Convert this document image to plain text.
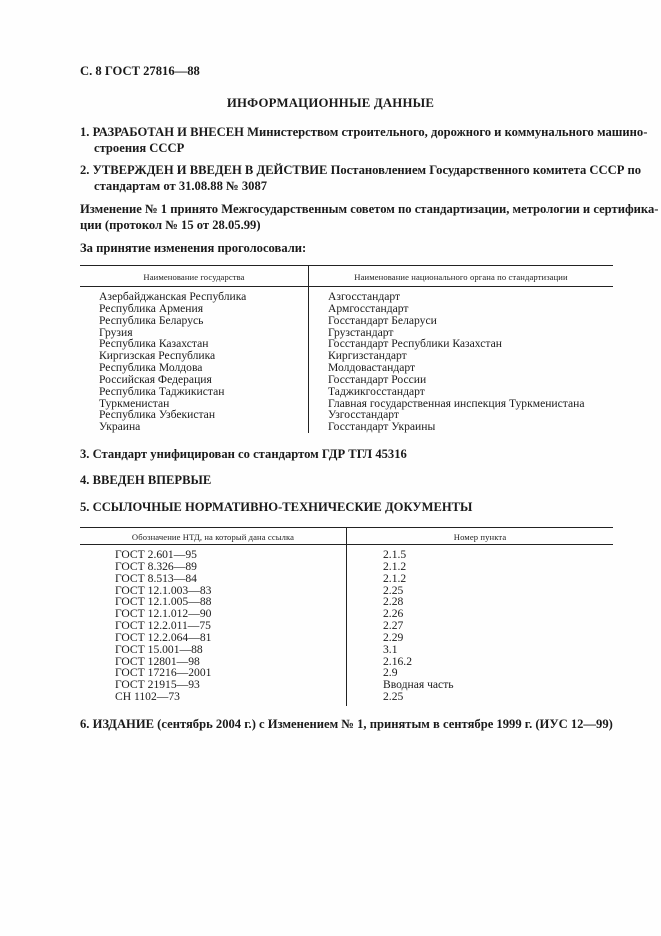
С. 8 ГОСТ 27816—88
ИНФОРМАЦИОННЫЕ ДАННЫЕ
1. РАЗРАБОТАН И ВНЕСЕН Министерством строительного, дорожного и коммунального машино-
строения СССР
2. УТВЕРЖДЕН И ВВЕДЕН В ДЕЙСТВИЕ Постановлением Государственного комитета СССР по
стандартам от 31.08.88 № 3087
Изменение № 1 принято Межгосударственным советом по стандартизации, метрологии и сертифика-
ции (протокол № 15 от 28.05.99)
За принятие изменения проголосовали:
Наименование государства	Наименование национального органа по стандартизации
Азербайджанская Республика
Республика Армения
Республика Беларусь
Грузия
Республика Казахстан
Киргизская Республика
Республика Молдова
Российская Федерация
Республика Таджикистан
Туркменистан
Республика Узбекистан
Украина
Азгосстандарт
Армгосстандарт
Госстандарт Беларуси
Грузстандарт
Госстандарт Республики Казахстан
Киргизстандарт
Молдовастандарт
Госстандарт России
Таджикгосстандарт
Главная государственная инспекция Туркменистана
Узгосстандарт
Госстандарт Украины
3. Стандарт унифицирован со стандартом ГДР ТГЛ 45316
4. ВВЕДЕН ВПЕРВЫЕ
5. ССЫЛОЧНЫЕ НОРМАТИВНО-ТЕХНИЧЕСКИЕ ДОКУМЕНТЫ
Обозначение НТД, на который дана ссылка	Номер пункта
ГОСТ 2.601—95
ГОСТ 8.326—89
ГОСТ 8.513—84
ГОСТ 12.1.003—83
ГОСТ 12.1.005—88
ГОСТ 12.1.012—90
ГОСТ 12.2.011—75
ГОСТ 12.2.064—81
ГОСТ 15.001—88
ГОСТ 12801—98
ГОСТ 17216—2001
ГОСТ 21915—93
СН 1102—73
2.1.5
2.1.2
2.1.2
2.25
2.28
2.26
2.27
2.29
3.1
2.16.2
2.9
Вводная часть
2.25
6. ИЗДАНИЕ (сентябрь 2004 г.) с Изменением № 1, принятым в сентябре 1999 г. (ИУС 12—99)
